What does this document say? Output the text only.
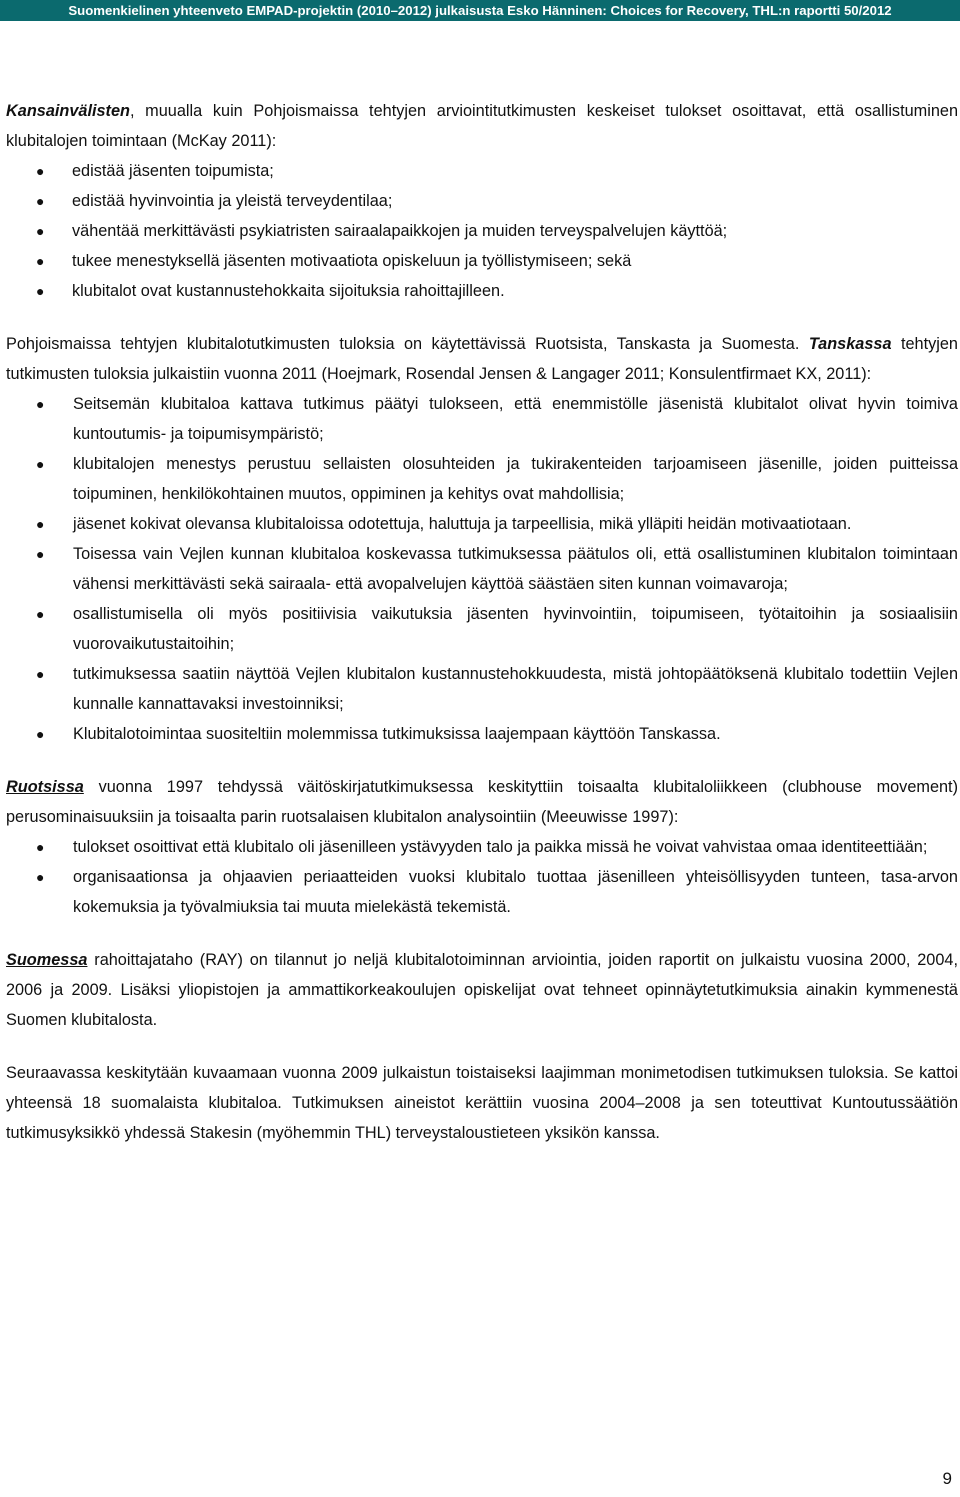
Suomenkielinen yhteenveto EMPAD-projektin (2010–2012) julkaisusta Esko Hänninen: Choices for Recovery, THL:n raportti 50/2012

Kansainvälisten, muualla kuin Pohjoismaissa tehtyjen arviointitutkimusten keskeiset tulokset osoittavat, että osallistuminen klubitalojen toimintaan (McKay 2011):

● edistää jäsenten toipumista;
● edistää hyvinvointia ja yleistä terveydentilaa;
● vähentää merkittävästi psykiatristen sairaalapaikkojen ja muiden terveyspalvelujen käyttöä;
● tukee menestyksellä jäsenten motivaatiota opiskeluun ja työllistymiseen; sekä
● klubitalot ovat kustannustehokkaita sijoituksia rahoittajilleen.

Pohjoismaissa tehtyjen klubitalotutkimusten tuloksia on käytettävissä Ruotsista, Tanskasta ja Suomesta. Tanskassa tehtyjen tutkimusten tuloksia julkaistiin vuonna 2011 (Hoejmark, Rosendal Jensen & Langager 2011; Konsulentfirmaet KX, 2011):

● Seitsemän klubitaloa kattava tutkimus päätyi tulokseen, että enemmistölle jäsenistä klubitalot olivat hyvin toimiva kuntoutumis- ja toipumisympäristö;
● klubitalojen menestys perustuu sellaisten olosuhteiden ja tukirakenteiden tarjoamiseen jäsenille, joiden puitteissa toipuminen, henkilökohtainen muutos, oppiminen ja kehitys ovat mahdollisia;
● jäsenet kokivat olevansa klubitaloissa odotettuja, haluttuja ja tarpeellisia, mikä ylläpiti heidän motivaatiotaan.
● Toisessa vain Vejlen kunnan klubitaloa koskevassa tutkimuksessa päätulos oli, että osallistuminen klubitalon toimintaan vähensi merkittävästi sekä sairaala- että avopalvelujen käyttöä säästäen siten kunnan voimavaroja;
● osallistumisella oli myös positiivisia vaikutuksia jäsenten hyvinvointiin, toipumiseen, työtaitoihin ja sosiaalisiin vuorovaikutustaitoihin;
● tutkimuksessa saatiin näyttöä Vejlen klubitalon kustannustehokkuudesta, mistä johtopäätöksenä klubitalo todettiin Vejlen kunnalle kannattavaksi investoinniksi;
● Klubitalotoimintaa suositeltiin molemmissa tutkimuksissa laajempaan käyttöön Tanskassa.

Ruotsissa vuonna 1997 tehdyssä väitöskirjatutkimuksessa keskityttiin toisaalta klubitaloliikkeen (clubhouse movement) perusominaisuuksiin ja toisaalta parin ruotsalaisen klubitalon analysointiin (Meeuwisse 1997):

● tulokset osoittivat että klubitalo oli jäsenilleen ystävyyden talo ja paikka missä he voivat vahvistaa omaa identiteettiään;
● organisaationsa ja ohjaavien periaatteiden vuoksi klubitalo tuottaa jäsenilleen yhteisöllisyyden tunteen, tasa-arvon kokemuksia ja työvalmiuksia tai muuta mielekästä tekemistä.

Suomessa rahoittajataho (RAY) on tilannut jo neljä klubitalotoiminnan arviointia, joiden raportit on julkaistu vuosina 2000, 2004, 2006 ja 2009. Lisäksi yliopistojen ja ammattikorkeakoulujen opiskelijat ovat tehneet opinnäytetutkimuksia ainakin kymmenestä Suomen klubitalosta.

Seuraavassa keskitytään kuvaamaan vuonna 2009 julkaistun toistaiseksi laajimman monimetodisen tutkimuksen tuloksia. Se kattoi yhteensä 18 suomalaista klubitaloa. Tutkimuksen aineistot kerättiin vuosina 2004–2008 ja sen toteuttivat Kuntoutussäätiön tutkimusyksikkö yhdessä Stakesin (myöhemmin THL) terveystaloustieteen yksikön kanssa.

9
